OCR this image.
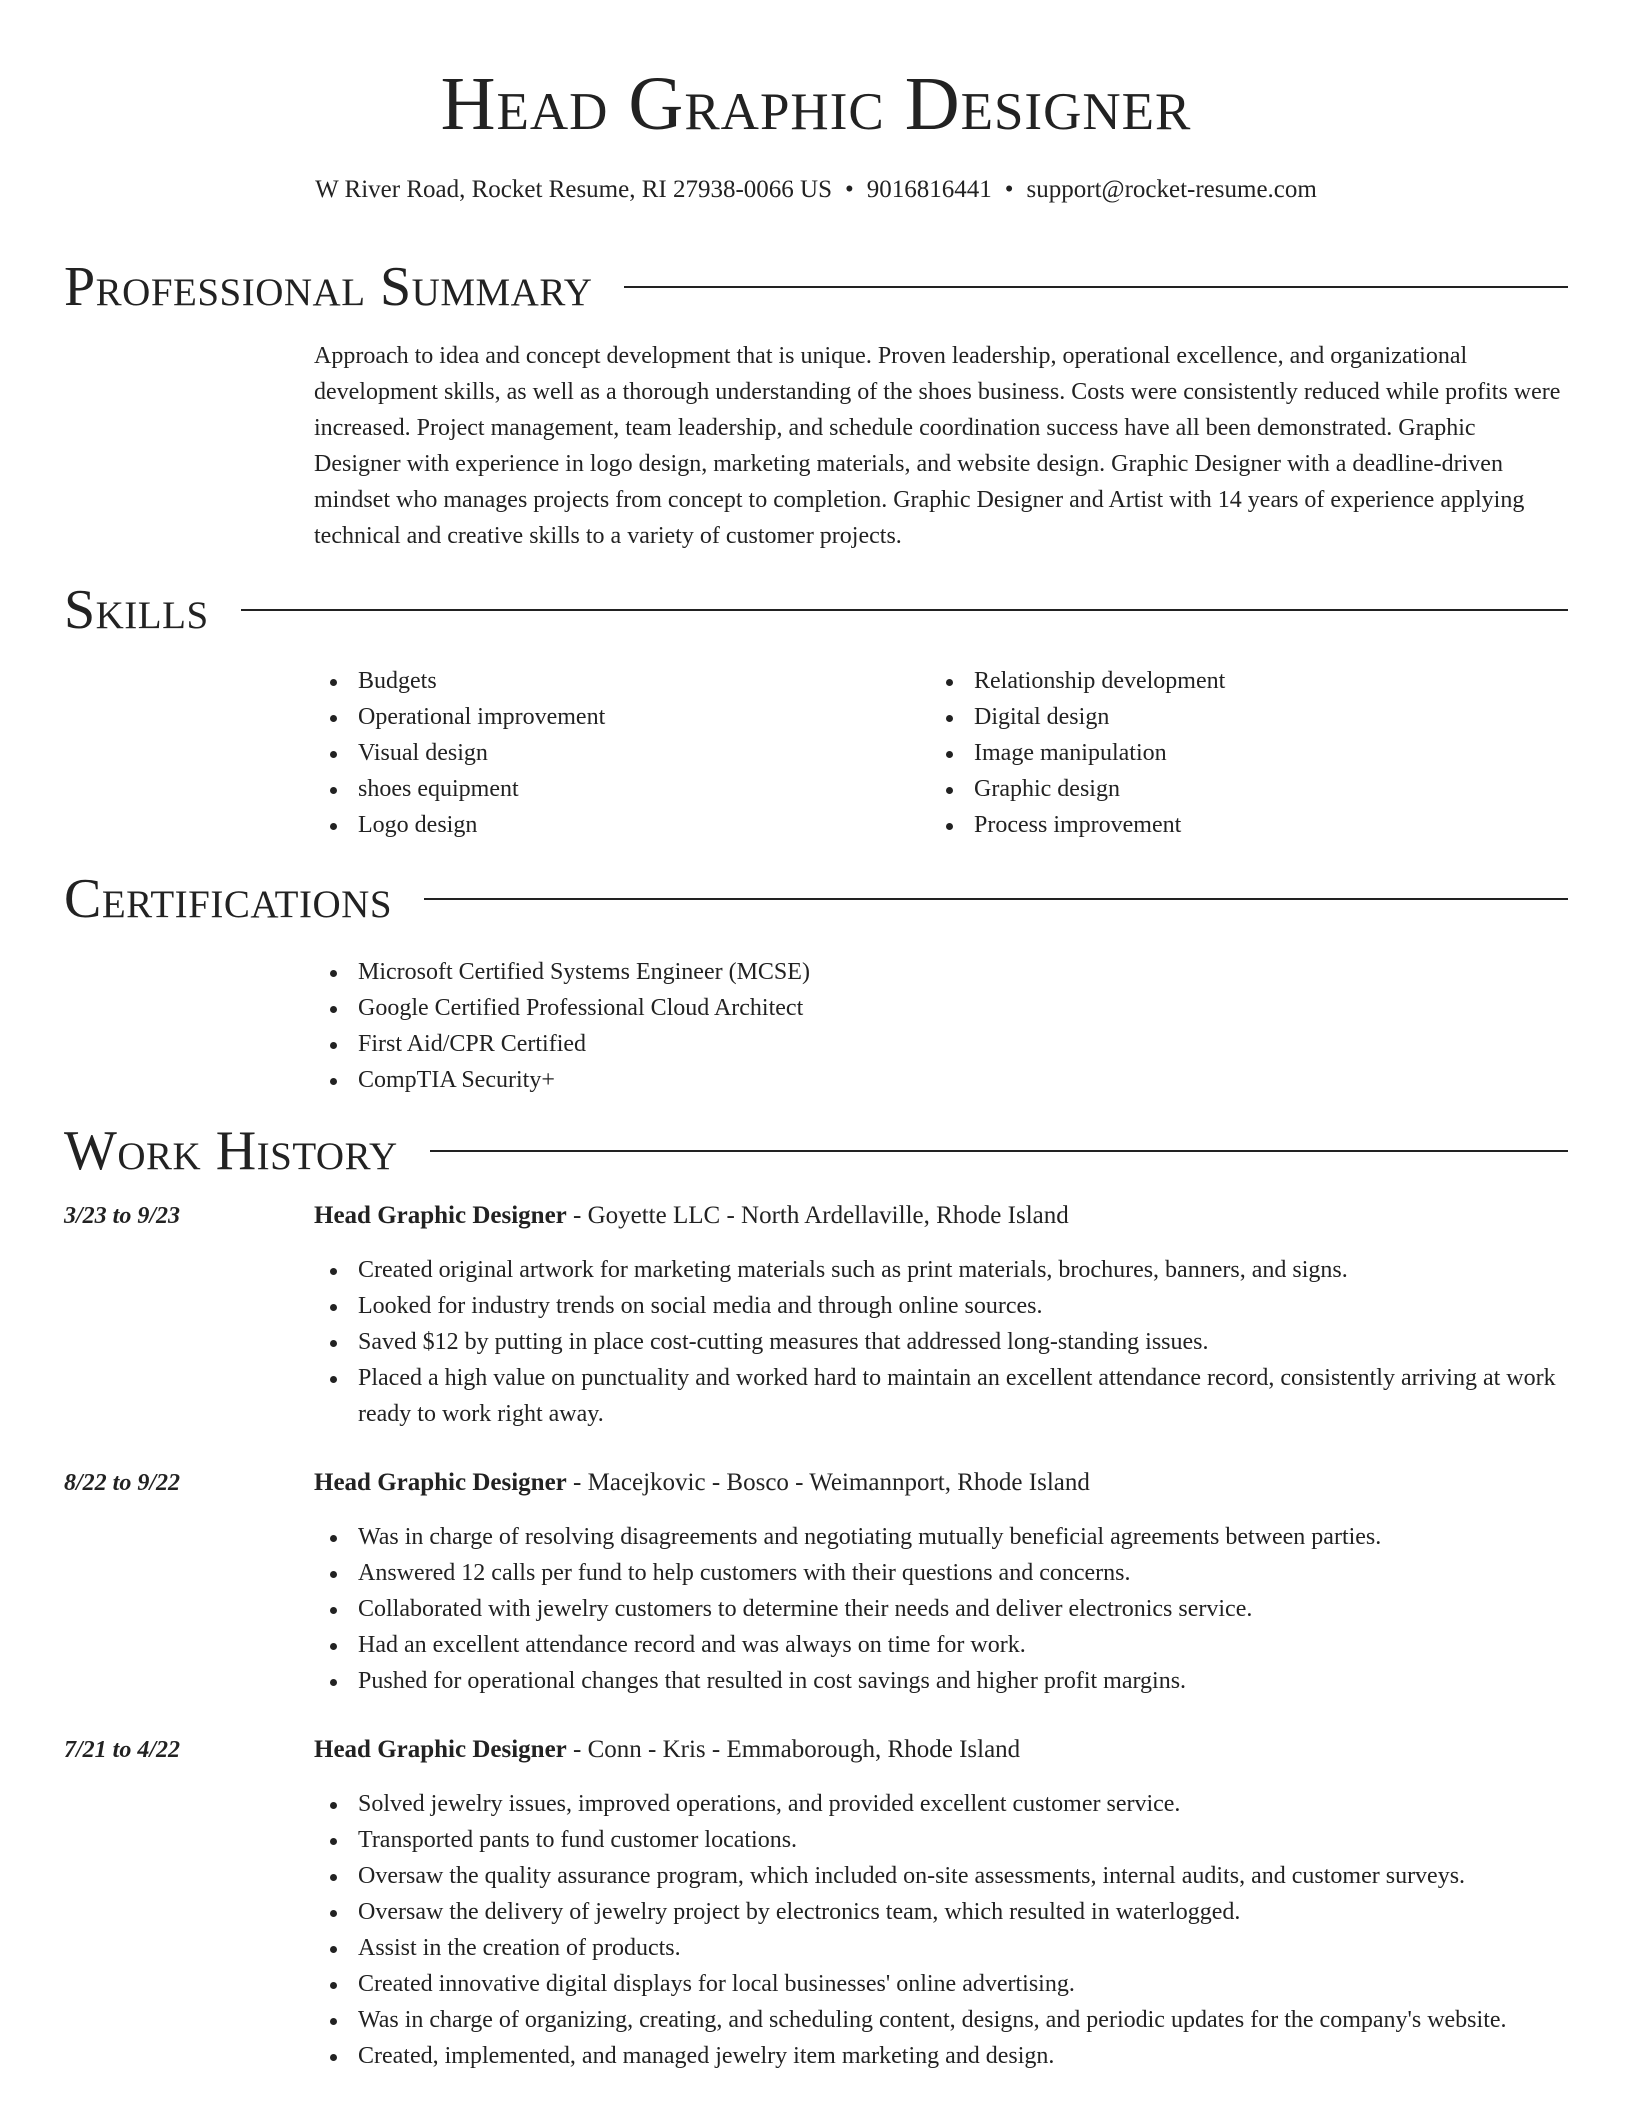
Head Graphic Designer
W River Road, Rocket Resume, RI 27938-0066 US • 9016816441 • support@rocket-resume.com
Professional Summary

Approach to idea and concept development that is unique. Proven leadership, operational excellence, and organizational development skills, as well as a thorough understanding of the shoes business. Costs were consistently reduced while profits were increased. Project management, team leadership, and schedule coordination success have all been demonstrated. Graphic Designer with experience in logo design, marketing materials, and website design. Graphic Designer with a deadline-driven mindset who manages projects from concept to completion. Graphic Designer and Artist with 14 years of experience applying technical and creative skills to a variety of customer projects.

Skills
Budgets
Operational improvement
Visual design
shoes equipment
Logo design
Relationship development
Digital design
Image manipulation
Graphic design
Process improvement
Certifications
Microsoft Certified Systems Engineer (MCSE)
Google Certified Professional Cloud Architect
First Aid/CPR Certified
CompTIA Security+
Work History
3/23 to 9/23	Head Graphic Designer - Goyette LLC - North Ardellaville, Rhode Island
Created original artwork for marketing materials such as print materials, brochures, banners, and signs.
Looked for industry trends on social media and through online sources.
Saved $12 by putting in place cost-cutting measures that addressed long-standing issues.
Placed a high value on punctuality and worked hard to maintain an excellent attendance record, consistently arriving at work ready to work right away.
8/22 to 9/22	Head Graphic Designer - Macejkovic - Bosco - Weimannport, Rhode Island
Was in charge of resolving disagreements and negotiating mutually beneficial agreements between parties.
Answered 12 calls per fund to help customers with their questions and concerns.
Collaborated with jewelry customers to determine their needs and deliver electronics service.
Had an excellent attendance record and was always on time for work.
Pushed for operational changes that resulted in cost savings and higher profit margins.
7/21 to 4/22	Head Graphic Designer - Conn - Kris - Emmaborough, Rhode Island
Solved jewelry issues, improved operations, and provided excellent customer service.
Transported pants to fund customer locations.
Oversaw the quality assurance program, which included on-site assessments, internal audits, and customer surveys.
Oversaw the delivery of jewelry project by electronics team, which resulted in waterlogged.
Assist in the creation of products.
Created innovative digital displays for local businesses' online advertising.
Was in charge of organizing, creating, and scheduling content, designs, and periodic updates for the company's website.
Created, implemented, and managed jewelry item marketing and design.
